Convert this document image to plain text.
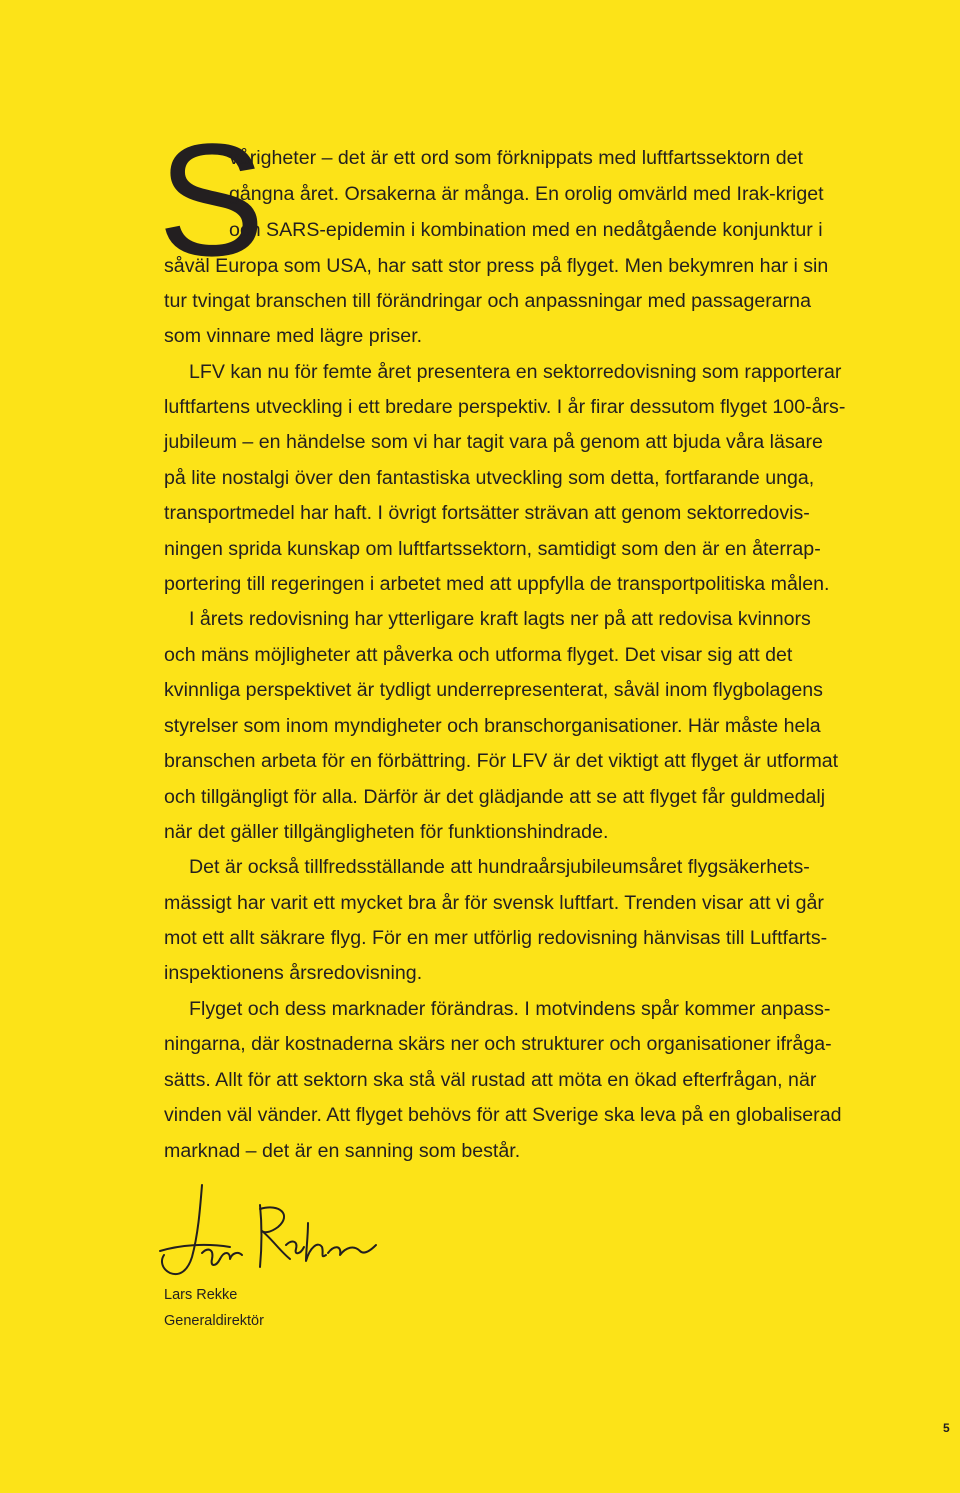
S
vårigheter – det är ett ord som förknippats med luftfartssektorn det
gångna året. Orsakerna är många. En orolig omvärld med Irak-kriget
och SARS-epidemin i kombination med en nedåtgående konjunktur i
såväl Europa som USA, har satt stor press på flyget. Men bekymren har i sin
tur tvingat branschen till förändringar och anpassningar med passagerarna
som vinnare med lägre priser.
LFV kan nu för femte året presentera en sektorredovisning som rapporterar
luftfartens utveckling i ett bredare perspektiv. I år firar dessutom flyget 100-års-
jubileum – en händelse som vi har tagit vara på genom att bjuda våra läsare
på lite nostalgi över den fantastiska utveckling som detta, fortfarande unga,
transportmedel har haft. I övrigt fortsätter strävan att genom sektorredovis-
ningen sprida kunskap om luftfartssektorn, samtidigt som den är en återrap-
portering till regeringen i arbetet med att uppfylla de transportpolitiska målen.
I årets redovisning har ytterligare kraft lagts ner på att redovisa kvinnors
och mäns möjligheter att påverka och utforma flyget. Det visar sig att det
kvinnliga perspektivet är tydligt underrepresenterat, såväl inom flygbolagens
styrelser som inom myndigheter och branschorganisationer. Här måste hela
branschen arbeta för en förbättring. För LFV är det viktigt att flyget är utformat
och tillgängligt för alla. Därför är det glädjande att se att flyget får guldmedalj
när det gäller tillgängligheten för funktionshindrade.
Det är också tillfredsställande att hundraårsjubileumsåret flygsäkerhets-
mässigt har varit ett mycket bra år för svensk luftfart. Trenden visar att vi går
mot ett allt säkrare flyg. För en mer utförlig redovisning hänvisas till Luftfarts-
inspektionens årsredovisning.
Flyget och dess marknader förändras. I motvindens spår kommer anpass-
ningarna, där kostnaderna skärs ner och strukturer och organisationer ifråga-
sätts. Allt för att sektorn ska stå väl rustad att möta en ökad efterfrågan, när
vinden väl vänder. Att flyget behövs för att Sverige ska leva på en globaliserad
marknad – det är en sanning som består.
Lars Rekke
Generaldirektör
5
